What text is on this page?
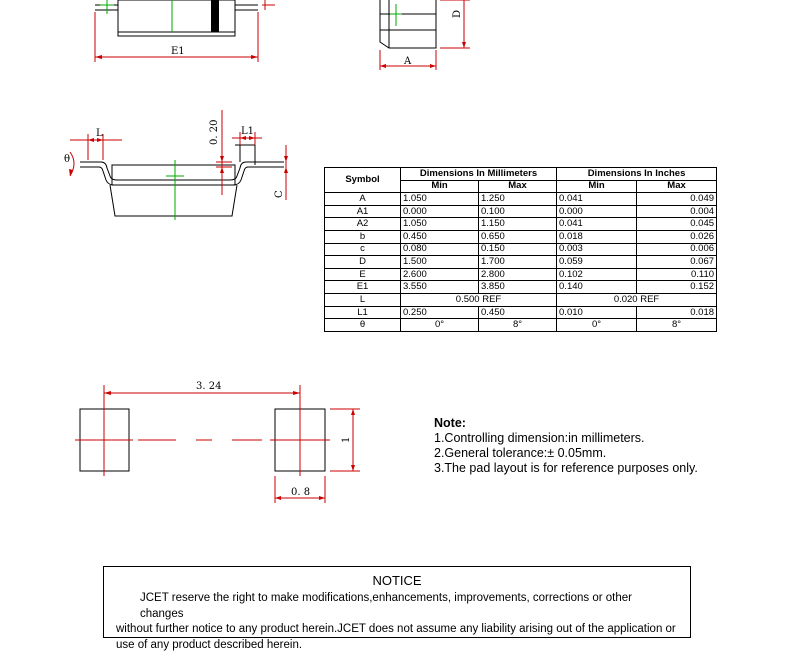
E1
A
D
L
θ
0. 20 L1
C
3. 24
0. 8
1
Symbol	Dimensions In Millimeters		Dimensions In Inches	
	Min	Max	Min	Max
A	1.050	1.250	0.041	0.049
A1	0.000	0.100	0.000	0.004
A2	1.050	1.150	0.041	0.045
b	0.450	0.650	0.018	0.026
c	0.080	0.150	0.003	0.006
D	1.500	1.700	0.059	0.067
E	2.600	2.800	0.102	0.110
E1	3.550	3.850	0.140	0.152
L	0.500 REF		0.020 REF	
L1	0.250	0.450	0.010	0.018
θ	0°	8°	0°	8°
Note:
1.Controlling dimension:in millimeters.
2.General tolerance:± 0.05mm.
3.The pad layout is for reference purposes only.
NOTICE
JCET reserve the right to make modifications,enhancements, improvements, corrections or other changes
without further notice to any product herein.JCET does not assume any liability arising out of the application or
use of any product described herein.
